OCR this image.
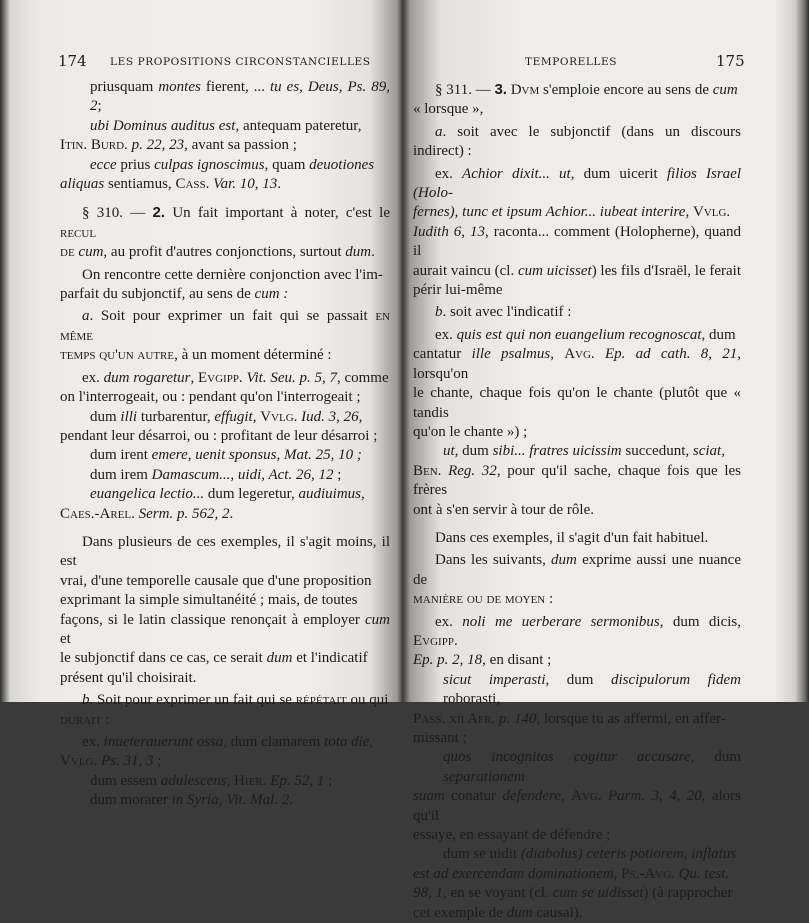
174 LES PROPOSITIONS CIRCONSTANCIELLES

priusquam montes fierent, ... tu es, Deus, Ps. 89, 2;

ubi Dominus auditus est, antequam pateretur,

Itin. Burd. p. 22, 23, avant sa passion ;

ecce prius culpas ignoscimus, quam deuotiones

aliquas sentiamus, Cass. Var. 10, 13.

§ 310. — 2. Un fait important à noter, c'est le recul

de cum, au profit d'autres conjonctions, surtout dum.

On rencontre cette dernière conjonction avec l'im-

parfait du subjonctif, au sens de cum :

a. Soit pour exprimer un fait qui se passait en même

temps qu'un autre, à un moment déterminé :

ex. dum rogaretur, Evgipp. Vit. Seu. p. 5, 7, comme

on l'interrogeait, ou : pendant qu'on l'interrogeait ;

dum illi turbarentur, effugit, Vvlg. Iud. 3, 26,

pendant leur désarroi, ou : profitant de leur désarroi ;

dum irent emere, uenit sponsus, Mat. 25, 10 ;

dum irem Damascum..., uidi, Act. 26, 12 ;

euangelica lectio... dum legeretur, audiuimus,

Caes.-Arel. Serm. p. 562, 2.

Dans plusieurs de ces exemples, il s'agit moins, il est

vrai, d'une temporelle causale que d'une proposition

exprimant la simple simultanéité ; mais, de toutes

façons, si le latin classique renonçait à employer cum et

le subjonctif dans ce cas, ce serait dum et l'indicatif

présent qu'il choisirait.

b. Soit pour exprimer un fait qui se répétait ou qui

durait :

ex. inueterauerunt ossa, dum clamarem tota die,

Vvlg. Ps. 31, 3 ;

dum essem adulescens, Hier. Ep. 52, 1 ;

dum morarer in Syria, Vit. Mal. 2.

TEMPORELLES	175

§ 311. — 3. Dvm s'emploie encore au sens de cum

« lorsque »,

a. soit avec le subjonctif (dans un discours indirect) :

ex. Achior dixit... ut, dum uicerit filios Israel (Holo-

fernes), tunc et ipsum Achior... iubeat interire, Vvlg.

Iudith 6, 13, raconta... comment (Holopherne), quand il

aurait vaincu (cl. cum uicisset) les fils d'Israël, le ferait

périr lui-même

b. soit avec l'indicatif :

ex. quis est qui non euangelium recognoscat, dum

cantatur ille psalmus, Avg. Ep. ad cath. 8, 21, lorsqu'on

le chante, chaque fois qu'on le chante (plutôt que « tandis

qu'on le chante ») ;

ut, dum sibi... fratres uicissim succedunt, sciat,

Ben. Reg. 32, pour qu'il sache, chaque fois que les frères

ont à s'en servir à tour de rôle.

Dans ces exemples, il s'agit d'un fait habituel.

Dans les suivants, dum exprime aussi une nuance de

manière ou de moyen :

ex. noli me uerberare sermonibus, dum dicis, Evgipp.

Ep. p. 2, 18, en disant ;

sicut imperasti, dum discipulorum fidem roborasti,

Pass. xii Afr. p. 140, lorsque tu as affermi, en affer-

missant ;

quos incognitos cogitur accusare, dum separationem

suam conatur defendere, Avg. Parm. 3, 4, 20, alors qu'il

essaye, en essayant de défendre ;

dum se uidit (diabolus) ceteris potiorem, inflatus

est ad exercendam dominationem, Ps.-Avg. Qu. test.

98, 1, en se voyant (cl. cum se uidisset) (à rapprocher

cet exemple de dum causal).
